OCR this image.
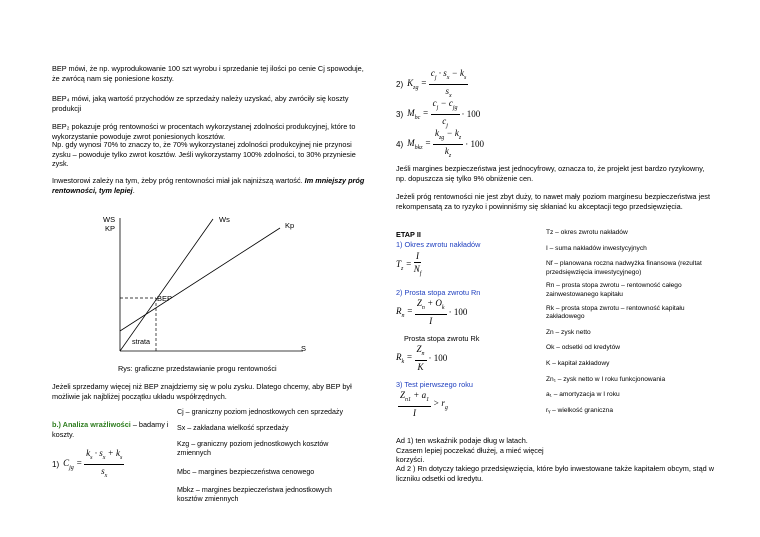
BEP mówi, że np. wyprodukowanie 100 szt wyrobu i sprzedanie tej ilości po cenie Cj spowoduje, że zwrócą nam się poniesione koszty.
BEP₄ mówi, jaką wartość przychodów ze sprzedaży należy uzyskać, aby zwróciły się koszty produkcji
BEP₂ pokazuje próg rentowności w procentach wykorzystanej zdolności produkcyjnej, które to wykorzystanie powoduje zwrot poniesionych kosztów.
Np. gdy wynosi 70% to znaczy to, że 70% wykorzystanej zdolności produkcyjnej nie przynosi zysku – powoduje tylko zwrot kosztów. Jeśli wykorzystamy 100% zdolności, to 30% przyniesie zysk.
Inwestorowi zależy na tym, żeby próg rentowności miał jak najniższą wartość. Im mniejszy próg rentowności, tym lepiej.
WS
KP
Ws
Kp
BEP
strata
S
Rys: graficzne przedstawianie progu rentowności
Jeżeli sprzedamy więcej niż BEP znajdziemy się w polu zysku. Dlatego chcemy, aby BEP był możliwie jak najbliżej początku układu współrzędnych.
b.) Analiza wrażliwości – badamy i koszty.
1) $C_{jg} = \frac{k_s \cdot s_x + k_s}{s_x}$
Cj – graniczny poziom jednostkowych cen sprzedaży
Sx – zakładana wielkość sprzedaży
Kzg – graniczny poziom jednostkowych kosztów zmiennych
Mbc – margines bezpieczeństwa cenowego
Mbkz – margines bezpieczeństwa jednostkowych kosztów zmiennych
2) $K_{zg} = \frac{c_j \cdot s_x - k_s}{s_x}$
3) $M_{bc} = \frac{c_j - c_{jg}}{c_j} \cdot 100$
4) $M_{bkz} = \frac{k_{zg} - k_z}{k_z} \cdot 100$
Jeśli margines bezpieczeństwa jest jednocyfrowy, oznacza to, że projekt jest bardzo ryzykowny, np. dopuszcza się tylko 9% obniżenie cen.
Jeżeli próg rentowności nie jest zbyt duży, to nawet mały poziom marginesu bezpieczeństwa jest rekompensatą za to ryzyko i powinniśmy się skłaniać ku akceptacji tego przedsięwzięcia.
ETAP II
1) Okres zwrotu nakładów
$T_z = \frac{I}{N_f}$
2) Prosta stopa zwrotu Rn
$R_n = \frac{Z_n + O_k}{I} \cdot 100$
Prosta stopa zwrotu Rk
$R_k = \frac{Z_n}{K} \cdot 100$
3) Test pierwszego roku
$\frac{Z_{n1} + a_1}{I} > r_g$
Tz – okres zwrotu nakładów
I – suma nakładów inwestycyjnych
Nf – planowana roczna nadwyżka finansowa (rezultat przedsięwzięcia inwestycyjnego)
Rn – prosta stopa zwrotu – rentowność całego zainwestowanego kapitału
Rk – prosta stopa zwrotu – rentowność kapitału zakładowego
Zn – zysk netto
Ok – odsetki od kredytów
K – kapitał zakładowy
Zn₁ – zysk netto w I roku funkcjonowania
a₁ – amortyzacja w I roku
rᵧ – wielkość graniczna
Ad 1) ten wskaźnik podaje dług w latach. Czasem lepiej poczekać dłużej, a mieć więcej korzyści.
Ad 2 ) Rn dotyczy takiego przedsięwzięcia, które było inwestowane także kapitałem obcym, stąd w liczniku odsetki od kredytu.
